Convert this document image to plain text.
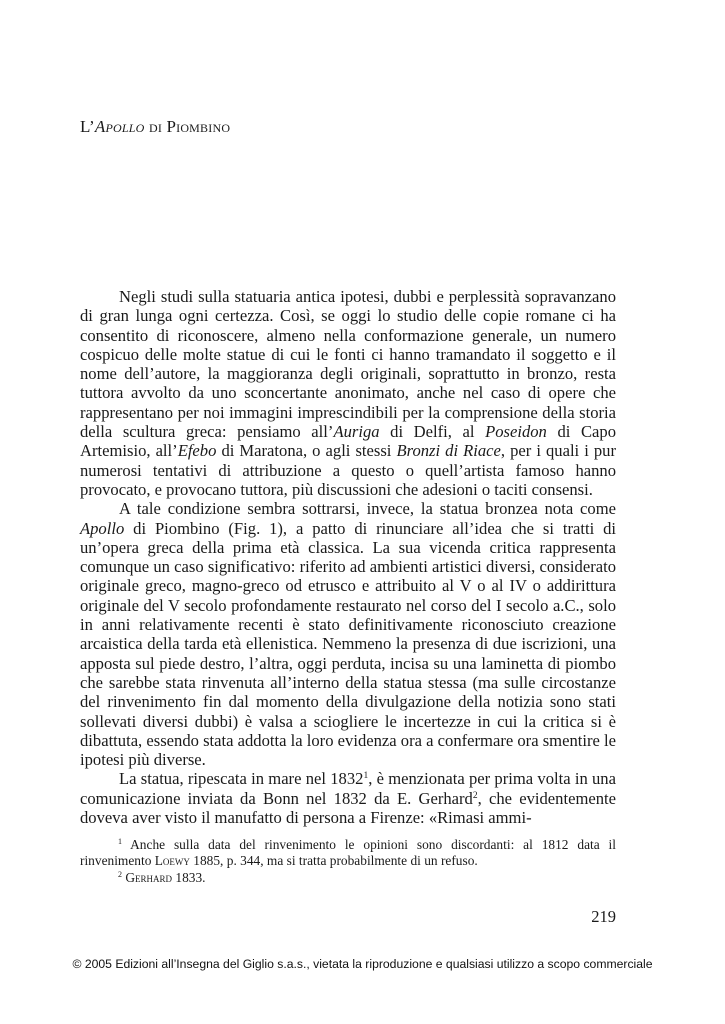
L’Apollo di Piombino

Negli studi sulla statuaria antica ipotesi, dubbi e perplessità sopravanzano di gran lunga ogni certezza. Così, se oggi lo studio delle copie romane ci ha consentito di riconoscere, almeno nella conformazione generale, un numero cospicuo delle molte statue di cui le fonti ci hanno tramandato il soggetto e il nome dell’autore, la maggioranza degli originali, soprattutto in bronzo, resta tuttora avvolto da uno sconcertante anonimato, anche nel caso di opere che rappresentano per noi immagini imprescindibili per la comprensione della storia della scultura greca: pensiamo all’Auriga di Delfi, al Poseidon di Capo Artemisio, all’Efebo di Maratona, o agli stessi Bronzi di Riace, per i quali i pur numerosi tentativi di attribuzione a questo o quell’artista famoso hanno provocato, e provocano tuttora, più discussioni che adesioni o taciti consensi.

A tale condizione sembra sottrarsi, invece, la statua bronzea nota come Apollo di Piombino (Fig. 1), a patto di rinunciare all’idea che si tratti di un’opera greca della prima età classica. La sua vicenda critica rappresenta comunque un caso significativo: riferito ad ambienti artistici diversi, considerato originale greco, magno-greco od etrusco e attribuito al V o al IV o addirittura originale del V secolo profondamente restaurato nel corso del I secolo a.C., solo in anni relativamente recenti è stato definitivamente riconosciuto creazione arcaistica della tarda età ellenistica. Nemmeno la presenza di due iscrizioni, una apposta sul piede destro, l’altra, oggi perduta, incisa su una laminetta di piombo che sarebbe stata rinvenuta all’interno della statua stessa (ma sulle circostanze del rinvenimento fin dal momento della divulgazione della notizia sono stati sollevati diversi dubbi) è valsa a sciogliere le incertezze in cui la critica si è dibattuta, essendo stata addotta la loro evidenza ora a confermare ora smentire le ipotesi più diverse.

La statua, ripescata in mare nel 1832$^1$, è menzionata per prima volta in una comunicazione inviata da Bonn nel 1832 da E. Gerhard$^2$, che evidentemente doveva aver visto il manufatto di persona a Firenze: «Rimasi ammi-

$^1$ Anche sulla data del rinvenimento le opinioni sono discordanti: al 1812 data il rinvenimento Loewy 1885, p. 344, ma si tratta probabilmente di un refuso.

$^2$ Gerhard 1833.

219
© 2005 Edizioni all’Insegna del Giglio s.a.s., vietata la riproduzione e qualsiasi utilizzo a scopo commerciale
